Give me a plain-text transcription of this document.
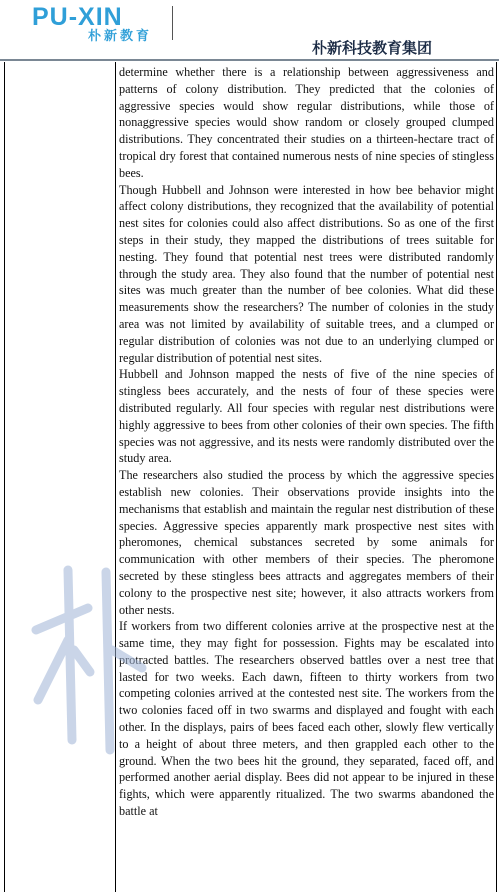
PU-XIN
朴新教育
朴新科技教育集团

determine whether there is a relationship between aggressiveness and patterns of colony distribution. They predicted that the colonies of aggressive species would show regular distributions, while those of nonaggressive species would show random or closely grouped clumped distributions. They concentrated their studies on a thirteen-hectare tract of tropical dry forest that contained numerous nests of nine species of stingless bees.

Though Hubbell and Johnson were interested in how bee behavior might affect colony distributions, they recognized that the availability of potential nest sites for colonies could also affect distributions. So as one of the first steps in their study, they mapped the distributions of trees suitable for nesting. They found that potential nest trees were distributed randomly through the study area. They also found that the number of potential nest sites was much greater than the number of bee colonies. What did these measurements show the researchers? The number of colonies in the study area was not limited by availability of suitable trees, and a clumped or regular distribution of colonies was not due to an underlying clumped or regular distribution of potential nest sites.

Hubbell and Johnson mapped the nests of five of the nine species of stingless bees accurately, and the nests of four of these species were distributed regularly. All four species with regular nest distributions were highly aggressive to bees from other colonies of their own species. The fifth species was not aggressive, and its nests were randomly distributed over the study area.

The researchers also studied the process by which the aggressive species establish new colonies. Their observations provide insights into the mechanisms that establish and maintain the regular nest distribution of these species. Aggressive species apparently mark prospective nest sites with pheromones, chemical substances secreted by some animals for communication with other members of their species. The pheromone secreted by these stingless bees attracts and aggregates members of their colony to the prospective nest site; however, it also attracts workers from other nests.

If workers from two different colonies arrive at the prospective nest at the same time, they may fight for possession. Fights may be escalated into protracted battles. The researchers observed battles over a nest tree that lasted for two weeks. Each dawn, fifteen to thirty workers from two competing colonies arrived at the contested nest site. The workers from the two colonies faced off in two swarms and displayed and fought with each other. In the displays, pairs of bees faced each other, slowly flew vertically to a height of about three meters, and then grappled each other to the ground. When the two bees hit the ground, they separated, faced off, and performed another aerial display. Bees did not appear to be injured in these fights, which were apparently ritualized. The two swarms abandoned the battle at
